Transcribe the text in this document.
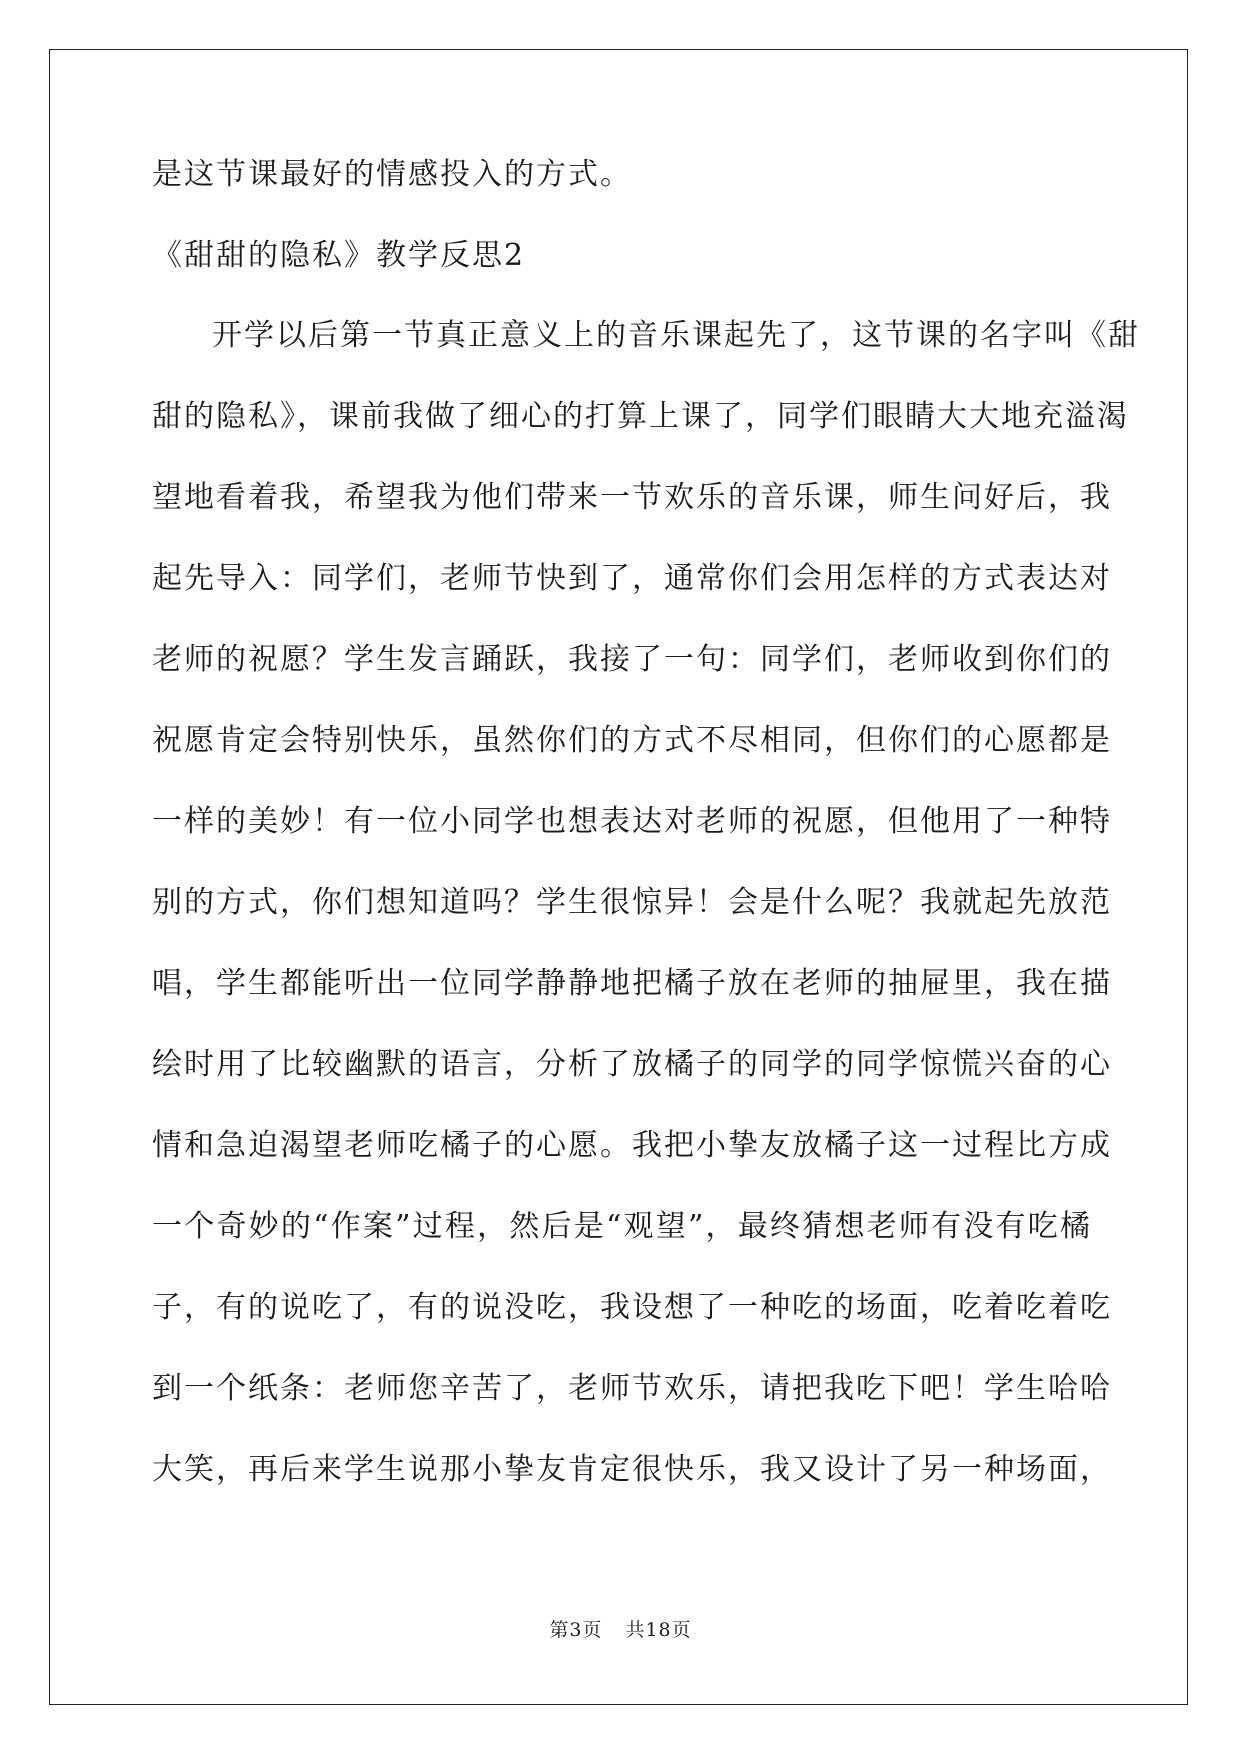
是这节课最好的情感投入的方式。
《甜甜的隐私》教学反思2
开学以后第一节真正意义上的音乐课起先了，这节课的名字叫《甜
甜的隐私》，课前我做了细心的打算上课了，同学们眼睛大大地充溢渴
望地看着我，希望我为他们带来一节欢乐的音乐课，师生问好后，我
起先导入：同学们，老师节快到了，通常你们会用怎样的方式表达对
老师的祝愿？学生发言踊跃，我接了一句：同学们，老师收到你们的
祝愿肯定会特别快乐，虽然你们的方式不尽相同，但你们的心愿都是
一样的美妙！有一位小同学也想表达对老师的祝愿，但他用了一种特
别的方式，你们想知道吗？学生很惊异！会是什么呢？我就起先放范
唱，学生都能听出一位同学静静地把橘子放在老师的抽屉里，我在描
绘时用了比较幽默的语言，分析了放橘子的同学的同学惊慌兴奋的心
情和急迫渴望老师吃橘子的心愿。我把小挚友放橘子这一过程比方成
一个奇妙的“作案”过程，然后是“观望”，最终猜想老师有没有吃橘
子，有的说吃了，有的说没吃，我设想了一种吃的场面，吃着吃着吃
到一个纸条：老师您辛苦了，老师节欢乐，请把我吃下吧！学生哈哈
大笑，再后来学生说那小挚友肯定很快乐，我又设计了另一种场面，
第3页 共18页
